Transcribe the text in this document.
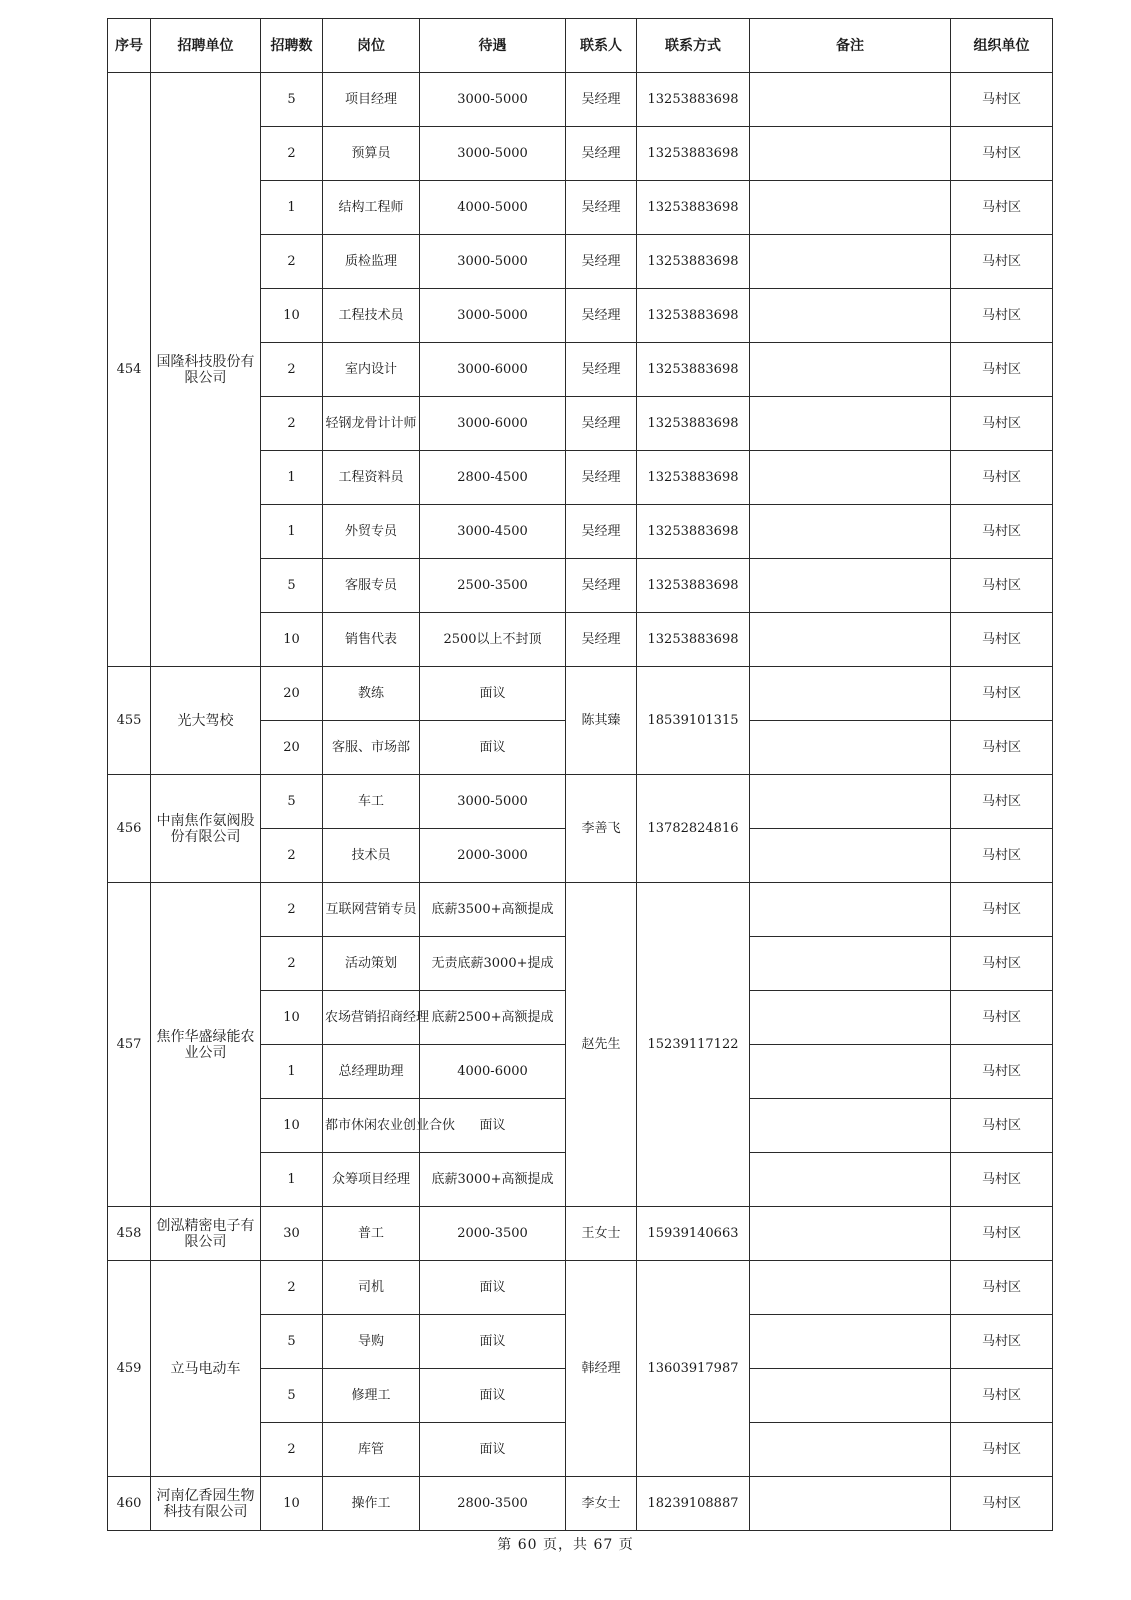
序号	招聘单位	招聘数	岗位	待遇	联系人	联系方式	备注	组织单位
454	国隆科技股份有限公司	5	项目经理	3000-5000	吴经理	13253883698		马村区
		2	预算员	3000-5000	吴经理	13253883698		马村区
		1	结构工程师	4000-5000	吴经理	13253883698		马村区
		2	质检监理	3000-5000	吴经理	13253883698		马村区
		10	工程技术员	3000-5000	吴经理	13253883698		马村区
		2	室内设计	3000-6000	吴经理	13253883698		马村区
		2	轻钢龙骨计计师	3000-6000	吴经理	13253883698		马村区
		1	工程资料员	2800-4500	吴经理	13253883698		马村区
		1	外贸专员	3000-4500	吴经理	13253883698		马村区
		5	客服专员	2500-3500	吴经理	13253883698		马村区
		10	销售代表	2500以上不封顶	吴经理	13253883698		马村区
455	光大驾校	20	教练	面议	陈其臻	18539101315		马村区
		20	客服、市场部	面议				马村区
456	中南焦作氨阀股份有限公司	5	车工	3000-5000	李善飞	13782824816		马村区
		2	技术员	2000-3000				马村区
457	焦作华盛绿能农业公司	2	互联网营销专员	底薪3500+高额提成	赵先生	15239117122		马村区
		2	活动策划	无责底薪3000+提成				马村区
		10	农场营销招商经理	底薪2500+高额提成				马村区
		1	总经理助理	4000-6000				马村区
		10	都市休闲农业创业合伙	面议				马村区
		1	众筹项目经理	底薪3000+高额提成				马村区
458	创泓精密电子有限公司	30	普工	2000-3500	王女士	15939140663		马村区
459	立马电动车	2	司机	面议	韩经理	13603917987		马村区
		5	导购	面议				马村区
		5	修理工	面议				马村区
		2	库管	面议				马村区
460	河南亿香园生物科技有限公司	10	操作工	2800-3500	李女士	18239108887		马村区
第 60 页，共 67 页
